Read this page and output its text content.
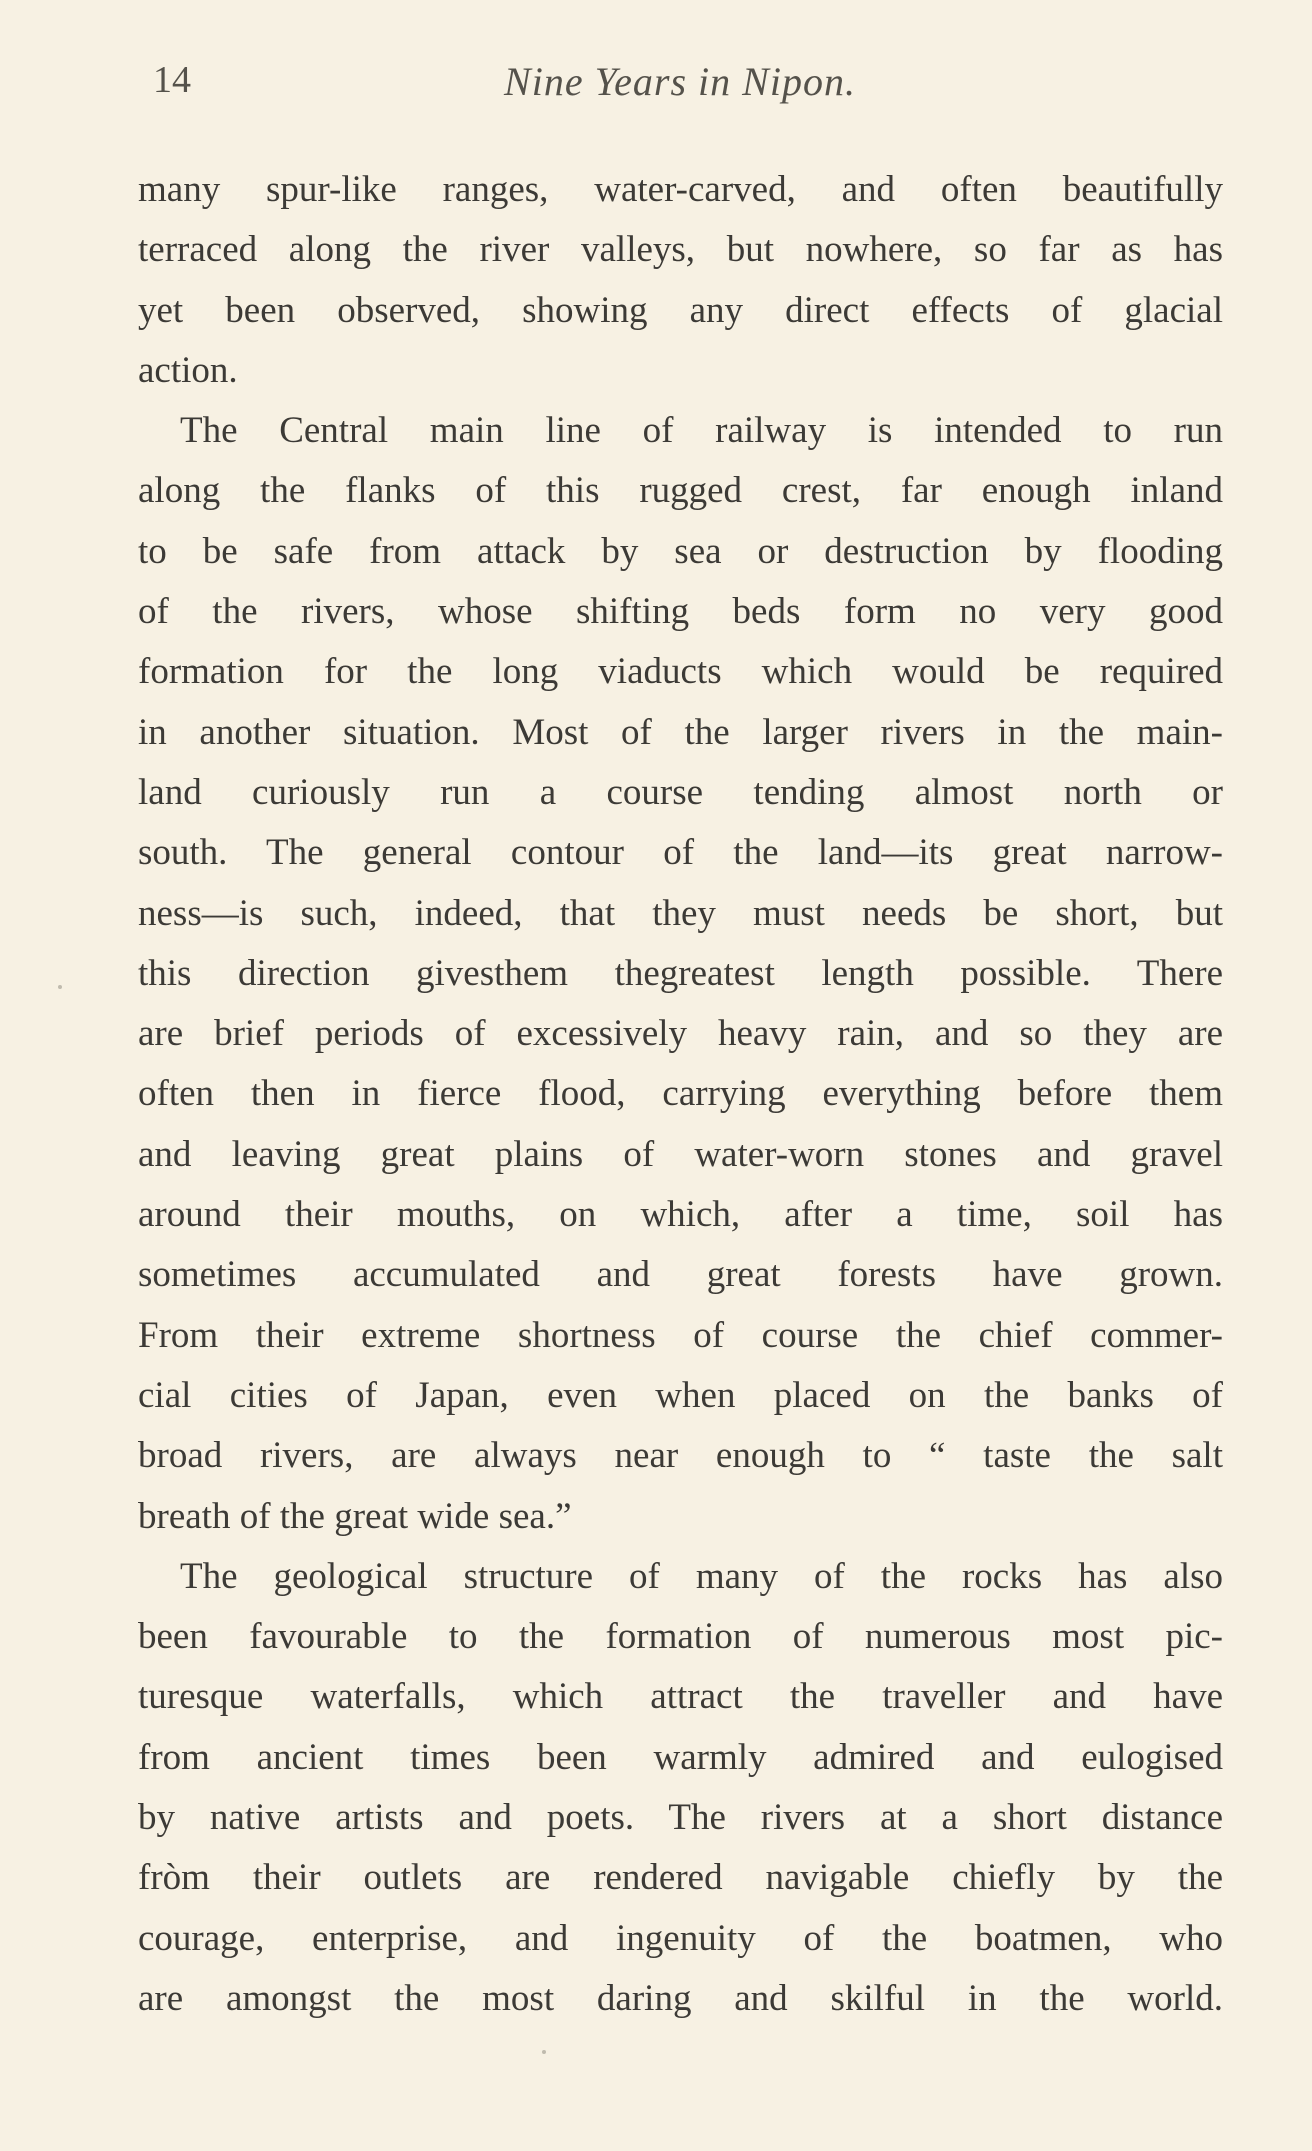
14	Nine Years in Nipon.

many spur-like ranges, water-carved, and often beautifully
terraced along the river valleys, but nowhere, so far as has
yet been observed, showing any direct effects of glacial
action.

The Central main line of railway is intended to run
along the flanks of this rugged crest, far enough inland
to be safe from attack by sea or destruction by flooding
of the rivers, whose shifting beds form no very good
formation for the long viaducts which would be required
in another situation. Most of the larger rivers in the main-
land curiously run a course tending almost north or
south. The general contour of the land—its great narrow-
ness—is such, indeed, that they must needs be short, but
this direction givesthem thegreatest length possible. There
are brief periods of excessively heavy rain, and so they are
often then in fierce flood, carrying everything before them
and leaving great plains of water-worn stones and gravel
around their mouths, on which, after a time, soil has
sometimes accumulated and great forests have grown.
From their extreme shortness of course the chief commer-
cial cities of Japan, even when placed on the banks of
broad rivers, are always near enough to “ taste the salt
breath of the great wide sea.”

The geological structure of many of the rocks has also
been favourable to the formation of numerous most pic-
turesque waterfalls, which attract the traveller and have
from ancient times been warmly admired and eulogised
by native artists and poets. The rivers at a short distance
fròm their outlets are rendered navigable chiefly by the
courage, enterprise, and ingenuity of the boatmen, who
are amongst the most daring and skilful in the world.
